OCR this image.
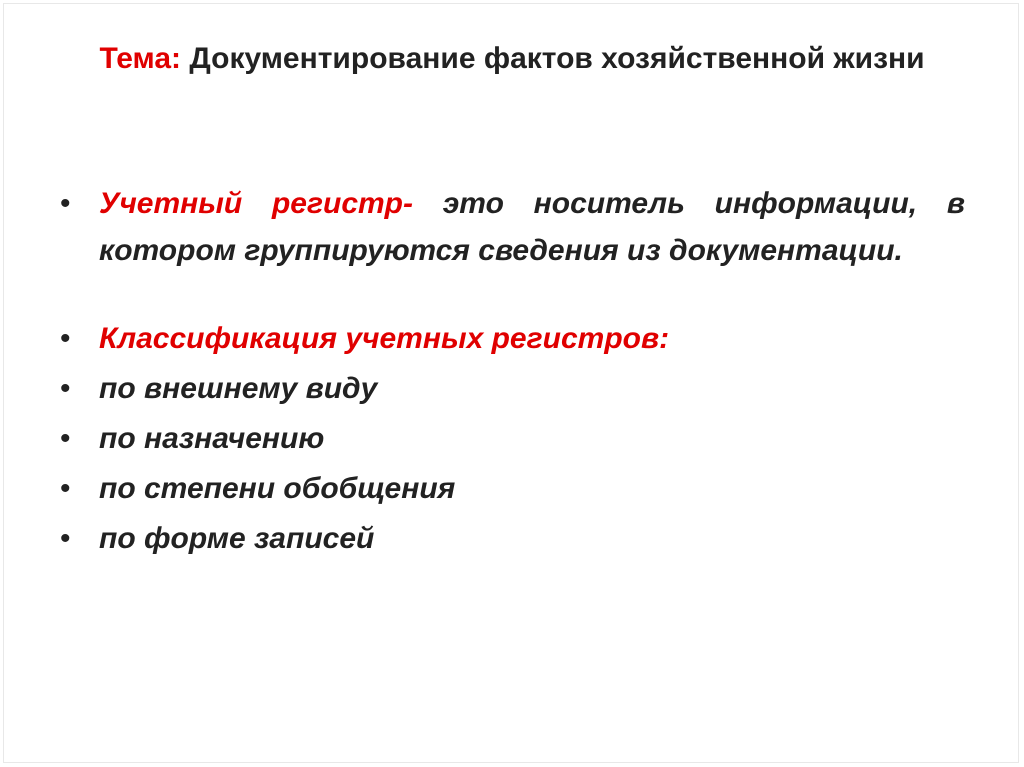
Тема: Документирование фактов хозяйственной жизни
• Учетный регистр- это носитель информации, в котором группируются сведения из документации.
• Классификация учетных регистров:
• по внешнему виду
• по назначению
• по степени обобщения
• по форме записей
